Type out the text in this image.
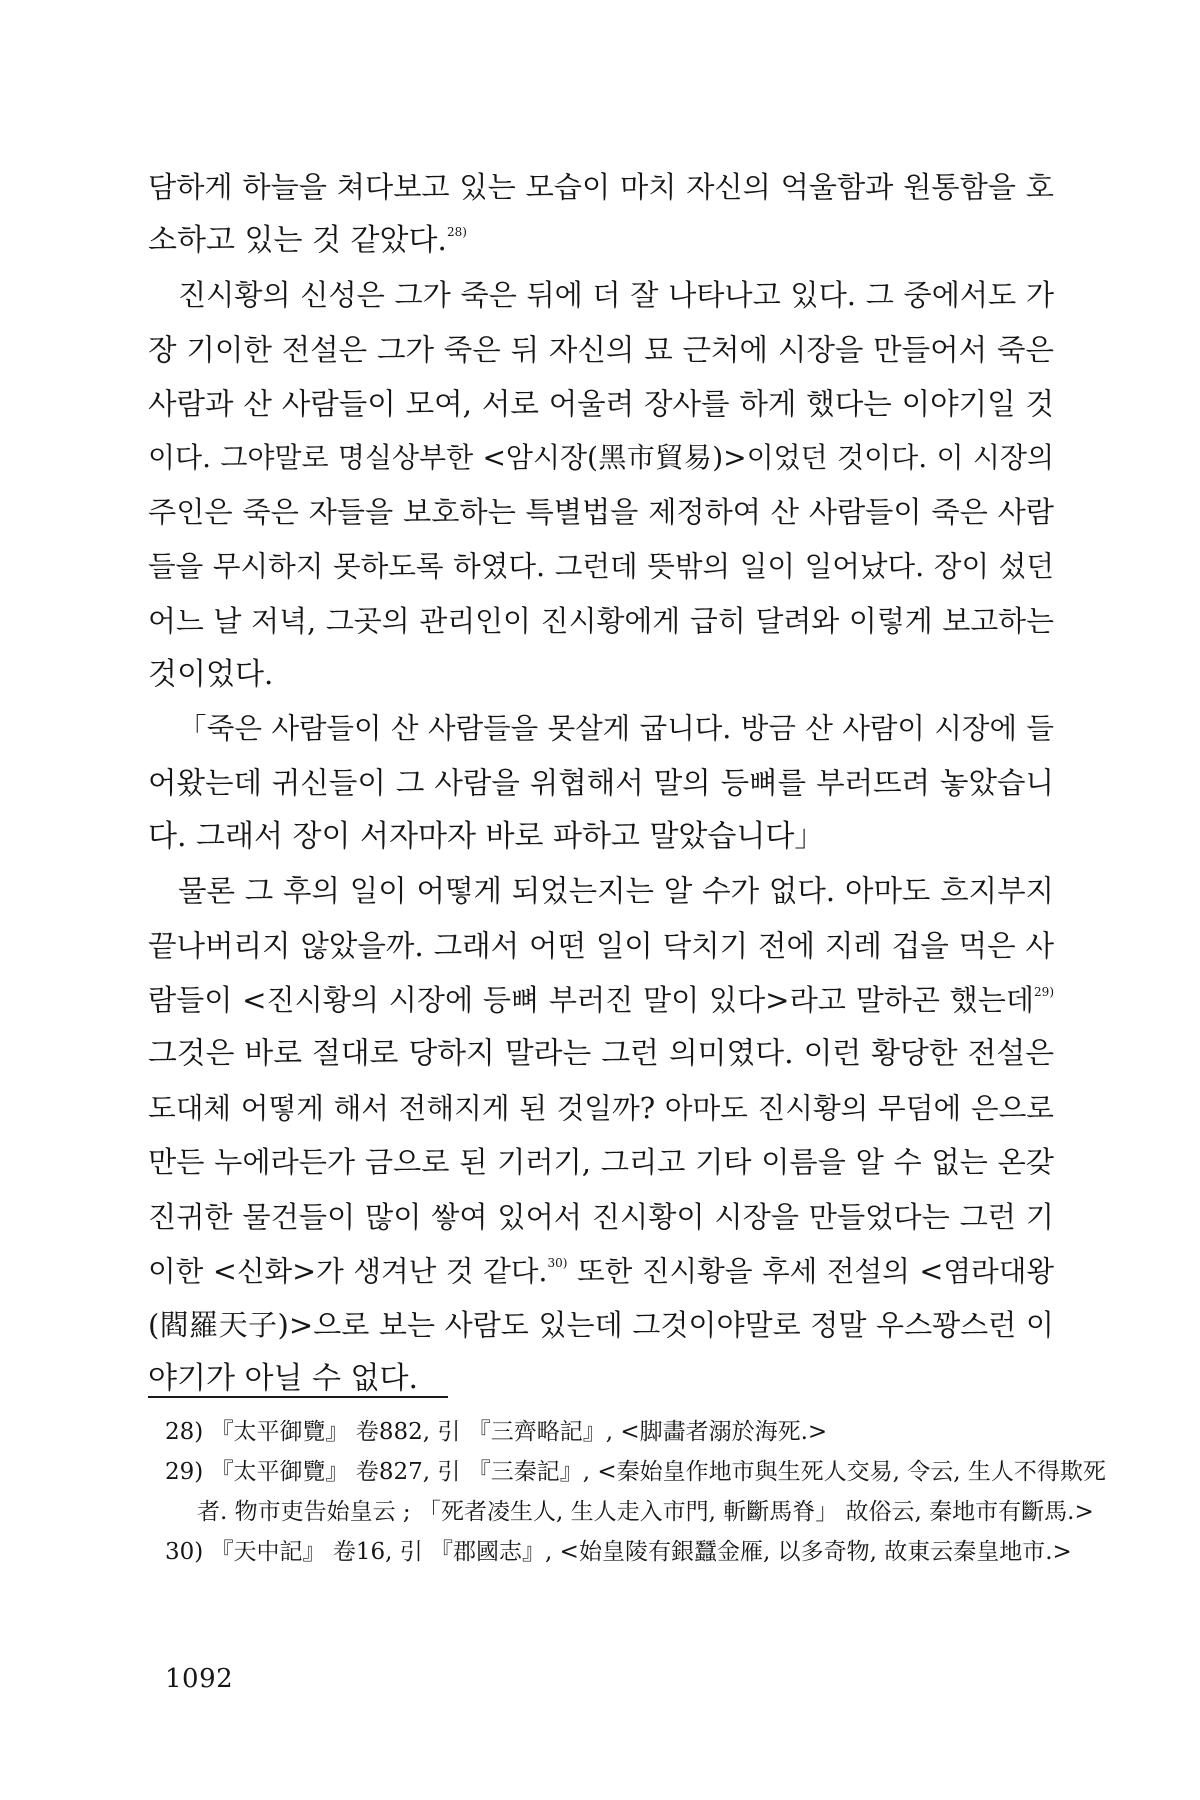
담하게 하늘을 쳐다보고 있는 모습이 마치 자신의 억울함과 원통함을 호
소하고 있는 것 같았다.$^{28)}$
진시황의 신성은 그가 죽은 뒤에 더 잘 나타나고 있다. 그 중에서도 가
장 기이한 전설은 그가 죽은 뒤 자신의 묘 근처에 시장을 만들어서 죽은
사람과 산 사람들이 모여, 서로 어울려 장사를 하게 했다는 이야기일 것
이다. 그야말로 명실상부한 <암시장(黑市貿易)>이었던 것이다. 이 시장의
주인은 죽은 자들을 보호하는 특별법을 제정하여 산 사람들이 죽은 사람
들을 무시하지 못하도록 하였다. 그런데 뜻밖의 일이 일어났다. 장이 섰던
어느 날 저녁, 그곳의 관리인이 진시황에게 급히 달려와 이렇게 보고하는
것이었다.
「죽은 사람들이 산 사람들을 못살게 굽니다. 방금 산 사람이 시장에 들
어왔는데 귀신들이 그 사람을 위협해서 말의 등뼈를 부러뜨려 놓았습니
다. 그래서 장이 서자마자 바로 파하고 말았습니다」
물론 그 후의 일이 어떻게 되었는지는 알 수가 없다. 아마도 흐지부지
끝나버리지 않았을까. 그래서 어떤 일이 닥치기 전에 지레 겁을 먹은 사
람들이 <진시황의 시장에 등뼈 부러진 말이 있다>라고 말하곤 했는데$^{29)}$
그것은 바로 절대로 당하지 말라는 그런 의미였다. 이런 황당한 전설은
도대체 어떻게 해서 전해지게 된 것일까? 아마도 진시황의 무덤에 은으로
만든 누에라든가 금으로 된 기러기, 그리고 기타 이름을 알 수 없는 온갖
진귀한 물건들이 많이 쌓여 있어서 진시황이 시장을 만들었다는 그런 기
이한 <신화>가 생겨난 것 같다.$^{30)}$ 또한 진시황을 후세 전설의 <염라대왕
(閻羅天子)>으로 보는 사람도 있는데 그것이야말로 정말 우스꽝스런 이
야기가 아닐 수 없다.
28) 『太平御覽』 卷882, 引 『三齊略記』, <脚畵者溺於海死.>
29) 『太平御覽』 卷827, 引 『三秦記』, <秦始皇作地市與生死人交易, 令云, 生人不得欺死
者. 物市吏告始皇云 ; 「死者凌生人, 生人走入市門, 斬斷馬脊」 故俗云, 秦地市有斷馬.>
30) 『天中記』 卷16, 引 『郡國志』, <始皇陵有銀蠶金雁, 以多奇物, 故東云秦皇地市.>
1092
